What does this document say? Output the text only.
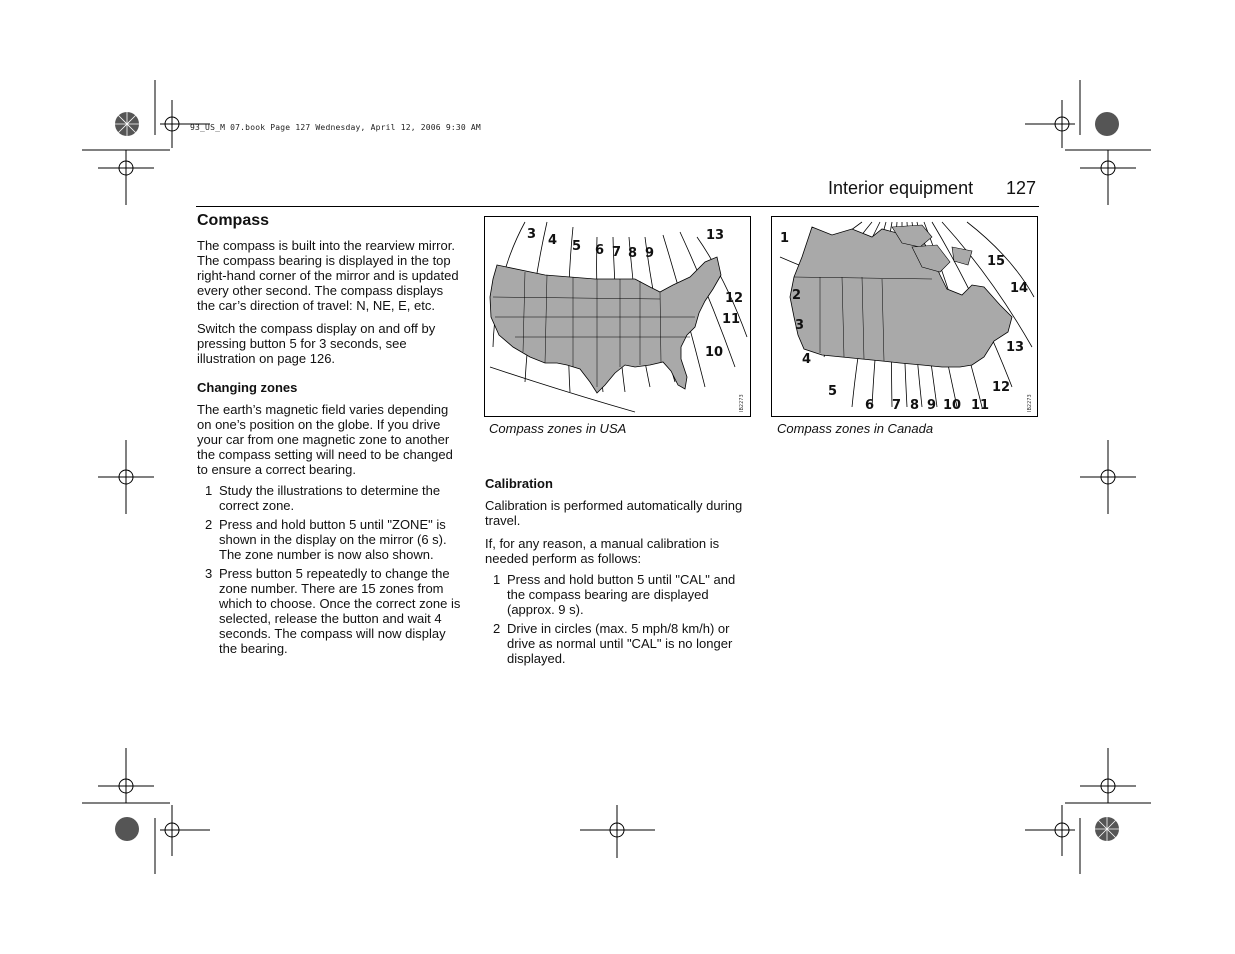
93_US_M 07.book Page 127 Wednesday, April 12, 2006 9:30 AM
Interior equipment 127
Compass

The compass is built into the rearview mirror. The compass bearing is displayed in the top right-hand corner of the mirror and is updated every other second. The compass displays the car’s direction of travel: N, NE, E, etc.

Switch the compass display on and off by pressing button 5 for 3 seconds, see illustration on page 126.

Changing zones

The earth’s magnetic field varies depending on one’s position on the globe. If you drive your car from one magnetic zone to another the compass setting will need to be changed to ensure a correct bearing.

1 Study the illustrations to determine the correct zone.
2 Press and hold button 5 until "ZONE" is shown in the display on the mirror (6 s). The zone number is now also shown.
3 Press button 5 repeatedly to change the zone number. There are 15 zones from which to choose. Once the correct zone is selected, release the button and wait 4 seconds. The compass will now display the bearing.
3 4 5 6 7 8 9
13
12
11
10
IB2273
Compass zones in USA
1
2
3
4
5
6 7 8 9 10 11
12
13
14
15
IB2273
Compass zones in Canada
Calibration

Calibration is performed automatically during travel.

If, for any reason, a manual calibration is needed perform as follows:

1 Press and hold button 5 until "CAL" and the compass bearing are displayed (approx. 9 s).
2 Drive in circles (max. 5 mph/8 km/h) or drive as normal until "CAL" is no longer displayed.
